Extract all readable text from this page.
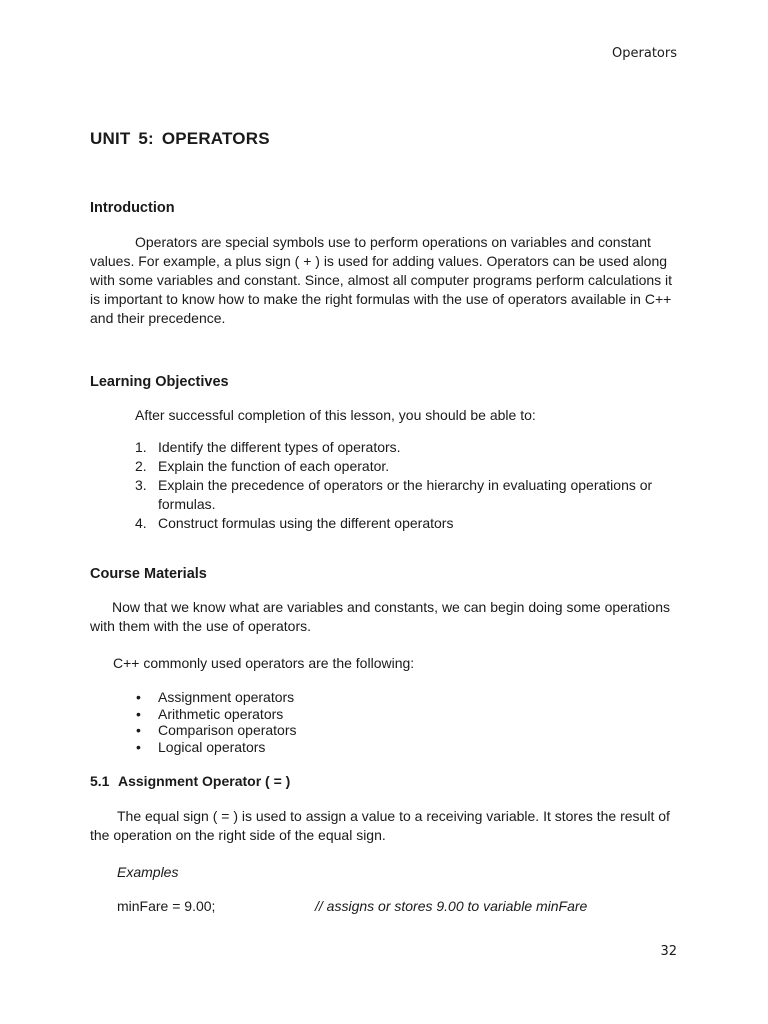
Operators
UNIT 5: OPERATORS
Introduction

Operators are special symbols use to perform operations on variables and constant values. For example, a plus sign ( + ) is used for adding values. Operators can be used along with some variables and constant. Since, almost all computer programs perform calculations it is important to know how to make the right formulas with the use of operators available in C++ and their precedence.

Learning Objectives
After successful completion of this lesson, you should be able to:
1. Identify the different types of operators.
2. Explain the function of each operator.
3. Explain the precedence of operators or the hierarchy in evaluating operations or formulas.
4. Construct formulas using the different operators
Course Materials

Now that we know what are variables and constants, we can begin doing some operations with them with the use of operators.

C++ commonly used operators are the following:
• Assignment operators
• Arithmetic operators
• Comparison operators
• Logical operators
5.1 Assignment Operator ( = )

The equal sign ( = ) is used to assign a value to a receiving variable. It stores the result of the operation on the right side of the equal sign.

Examples
minFare = 9.00;	// assigns or stores 9.00 to variable minFare
32
